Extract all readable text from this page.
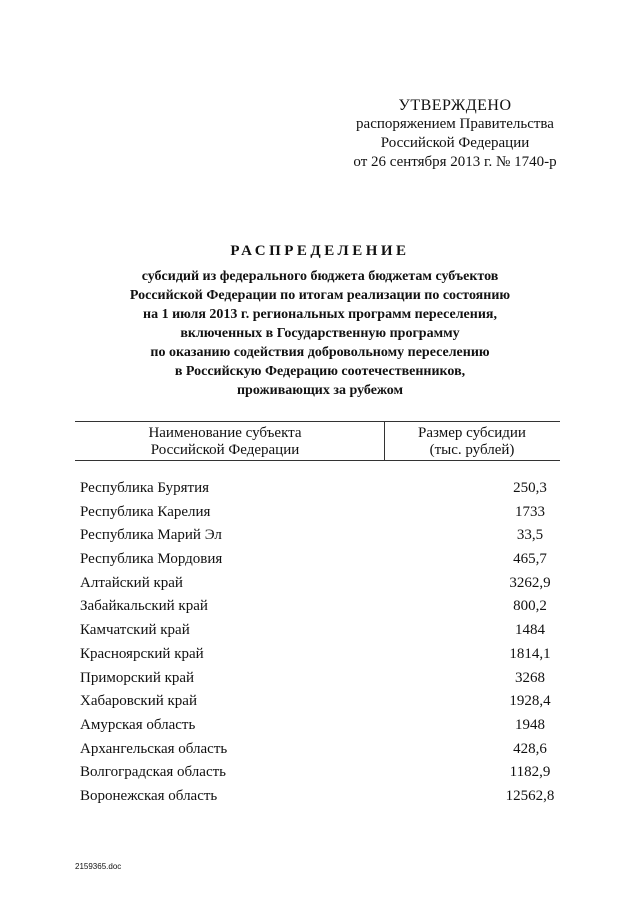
УТВЕРЖДЕНО
распоряжением Правительства
Российской Федерации
от 26 сентября 2013 г. № 1740-р
РАСПРЕДЕЛЕНИЕ
субсидий из федерального бюджета бюджетам субъектов
Российской Федерации по итогам реализации по состоянию
на 1 июля 2013 г. региональных программ переселения,
включенных в Государственную программу
по оказанию содействия добровольному переселению
в Российскую Федерацию соотечественников,
проживающих за рубежом
Наименование субъекта
Российской Федерации
Размер субсидии
(тыс. рублей)
Республика Бурятия	250,3
Республика Карелия	1733
Республика Марий Эл	33,5
Республика Мордовия	465,7
Алтайский край	3262,9
Забайкальский край	800,2
Камчатский край	1484
Красноярский край	1814,1
Приморский край	3268
Хабаровский край	1928,4
Амурская область	1948
Архангельская область	428,6
Волгоградская область	1182,9
Воронежская область	12562,8
2159365.doc
